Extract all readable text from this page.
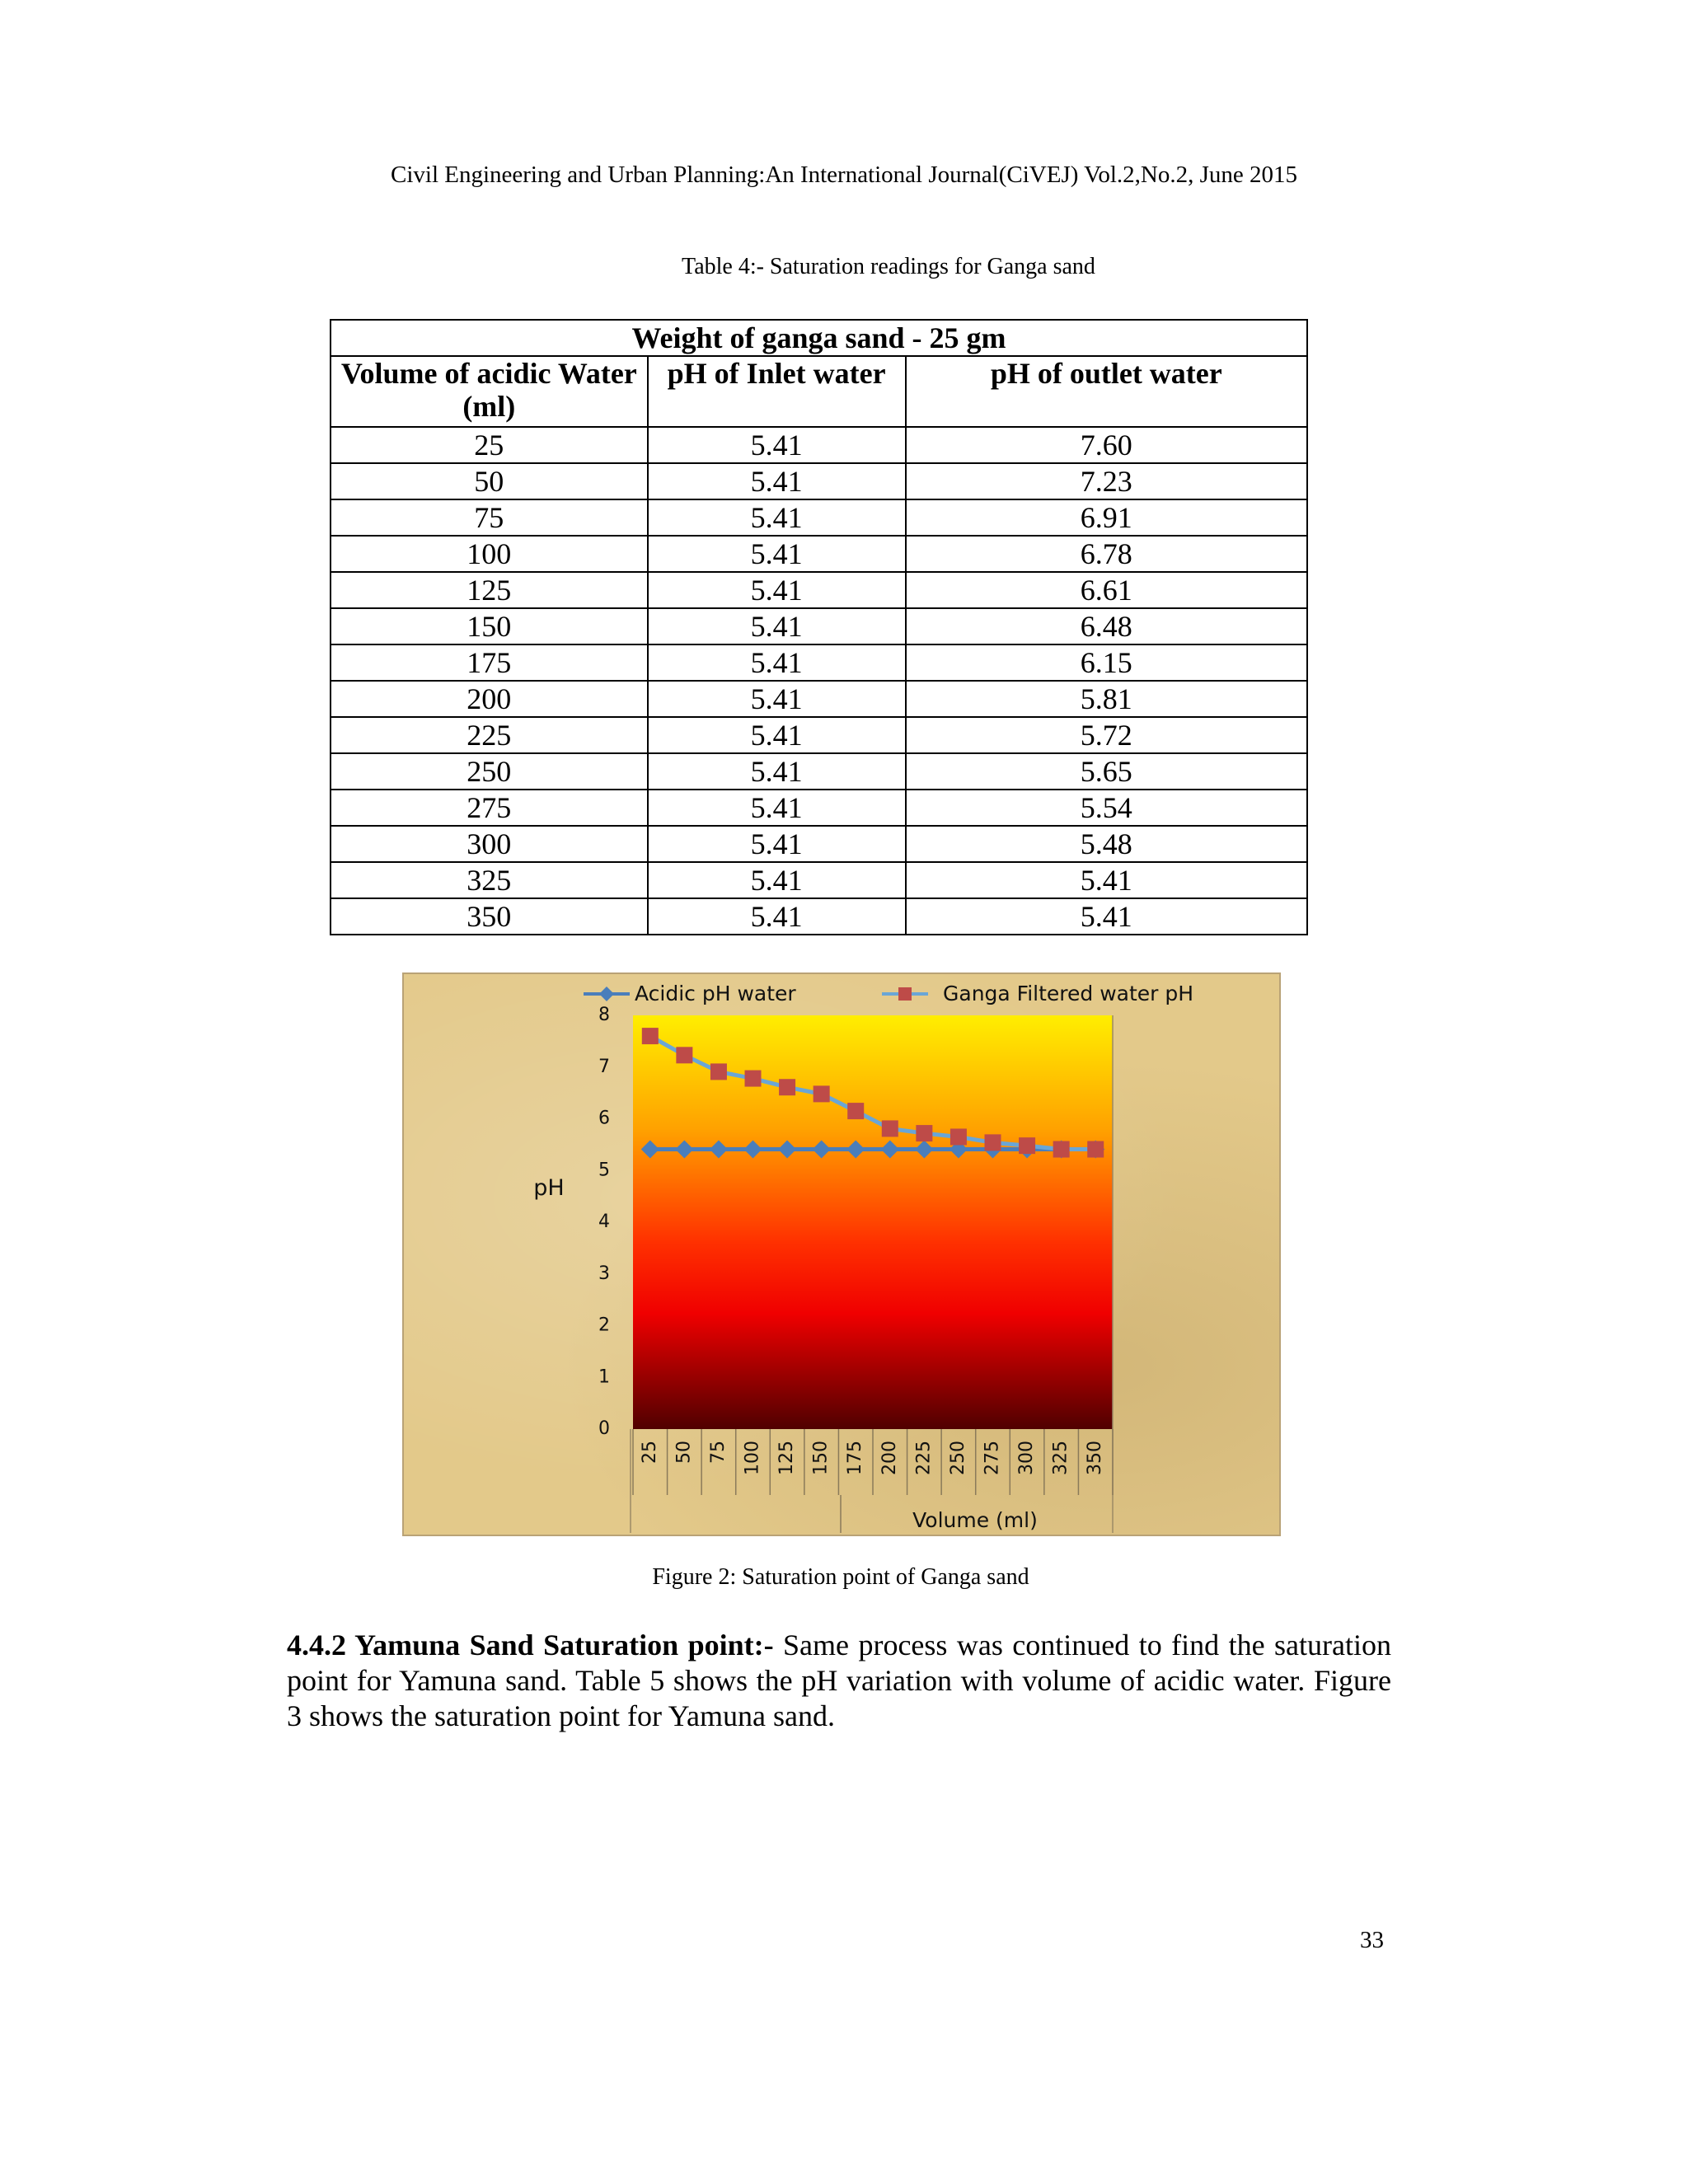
Civil Engineering and Urban Planning:An International Journal(CiVEJ) Vol.2,No.2, June 2015
Table 4:- Saturation readings for Ganga sand
Weight of ganga sand - 25 gm		
Volume of acidic Water (ml)	pH of Inlet water	pH of outlet water
25	5.41	7.60
50	5.41	7.23
75	5.41	6.91
100	5.41	6.78
125	5.41	6.61
150	5.41	6.48
175	5.41	6.15
200	5.41	5.81
225	5.41	5.72
250	5.41	5.65
275	5.41	5.54
300	5.41	5.48
325	5.41	5.41
350	5.41	5.41
25 50 75 100 125 150 175 200 225 250 275 300 325 350
0
1
2
3
4
5
6
7
8
pH
Volume (ml)
Acidic pH water	Ganga Filtered water pH
Figure 2: Saturation point of Ganga sand
4.4.2 Yamuna Sand Saturation point:- Same process was continued to find the saturation point for Yamuna sand. Table 5 shows the pH variation with volume of acidic water. Figure 3 shows the saturation point for Yamuna sand.
33
